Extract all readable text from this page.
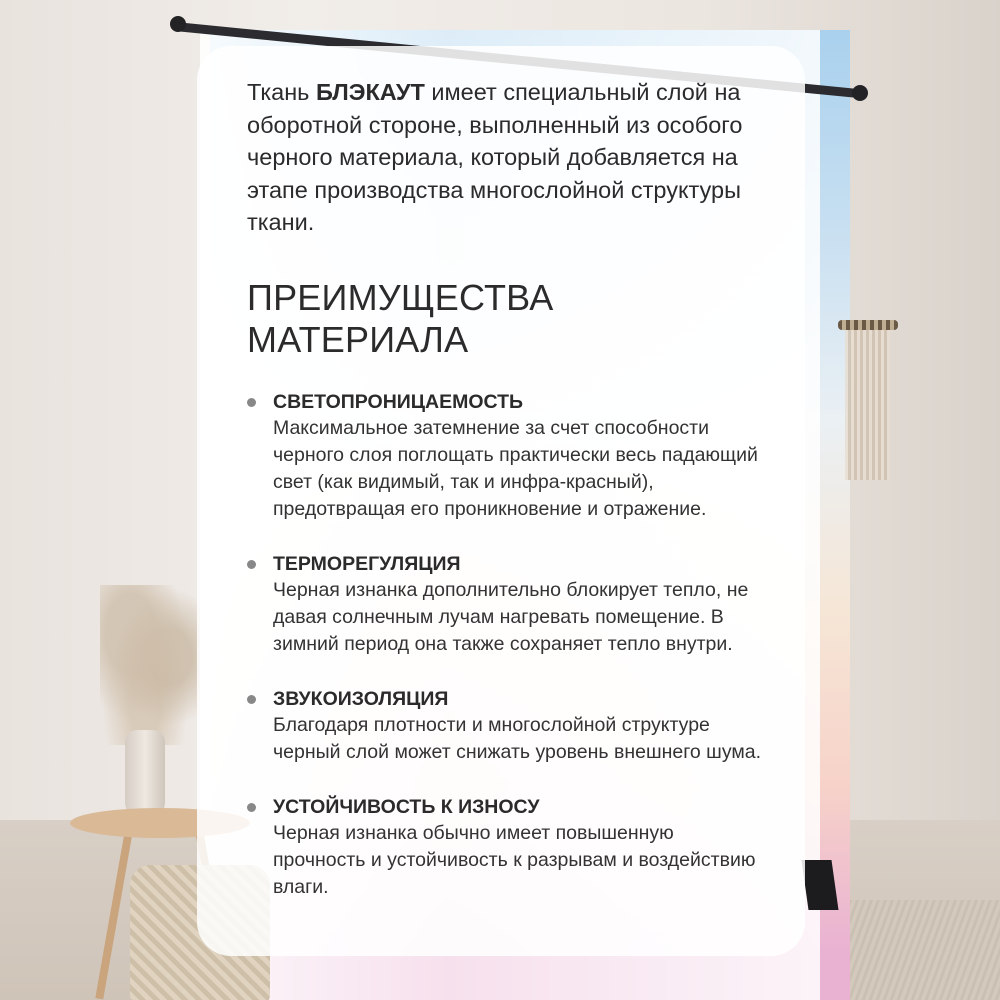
Ткань БЛЭКАУТ имеет специальный слой на оборотной стороне, выполненный из особого черного материала, который добавляется на этапе производства многослойной структуры ткани.

ПРЕИМУЩЕСТВА МАТЕРИАЛА
СВЕТОПРОНИЦАЕМОСТЬ
Максимальное затемнение за счет способности черного слоя поглощать практически весь падающий свет (как видимый, так и инфра-красный), предотвращая его проникновение и отражение.
ТЕРМОРЕГУЛЯЦИЯ
Черная изнанка дополнительно блокирует тепло, не давая солнечным лучам нагревать помещение. В зимний период она также сохраняет тепло внутри.
ЗВУКОИЗОЛЯЦИЯ
Благодаря плотности и многослойной структуре черный слой может снижать уровень внешнего шума.
УСТОЙЧИВОСТЬ К ИЗНОСУ
Черная изнанка обычно имеет повышенную прочность и устойчивость к разрывам и воздействию влаги.
